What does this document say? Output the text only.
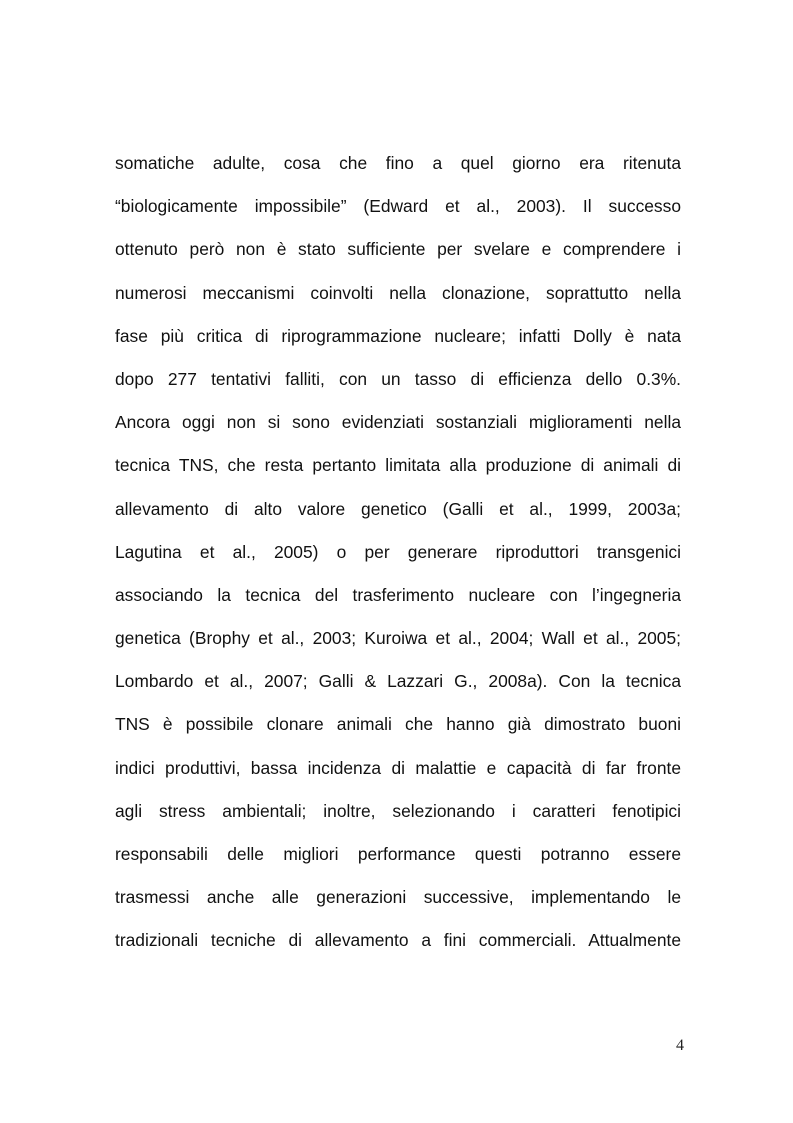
somatiche adulte, cosa che fino a quel giorno era ritenuta
“biologicamente impossibile” (Edward et al., 2003). Il successo
ottenuto però non è stato sufficiente per svelare e comprendere i
numerosi meccanismi coinvolti nella clonazione, soprattutto nella
fase più critica di riprogrammazione nucleare; infatti Dolly è nata
dopo 277 tentativi falliti, con un tasso di efficienza dello 0.3%.
Ancora oggi non si sono evidenziati sostanziali miglioramenti nella
tecnica TNS, che resta pertanto limitata alla produzione di animali di
allevamento di alto valore genetico (Galli et al., 1999, 2003a;
Lagutina et al., 2005) o per generare riproduttori transgenici
associando la tecnica del trasferimento nucleare con l’ingegneria
genetica (Brophy et al., 2003; Kuroiwa et al., 2004; Wall et al., 2005;
Lombardo et al., 2007; Galli & Lazzari G., 2008a). Con la tecnica
TNS è possibile clonare animali che hanno già dimostrato buoni
indici produttivi, bassa incidenza di malattie e capacità di far fronte
agli stress ambientali; inoltre, selezionando i caratteri fenotipici
responsabili delle migliori performance questi potranno essere
trasmessi anche alle generazioni successive, implementando le
tradizionali tecniche di allevamento a fini commerciali. Attualmente
4
